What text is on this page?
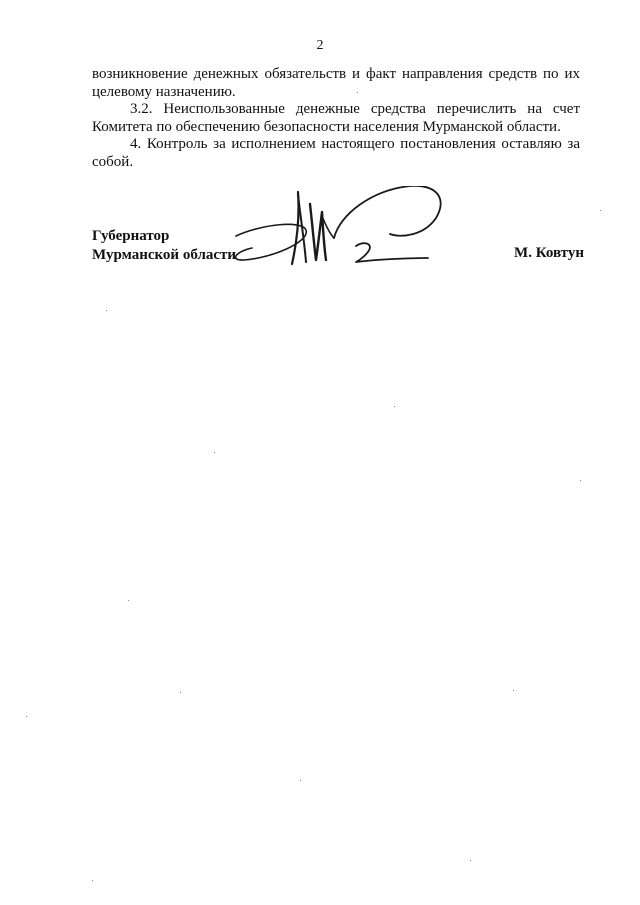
2

возникновение денежных обязательств и факт направления средств по их целевому назначению.

3.2. Неиспользованные денежные средства перечислить на счет Комитета по обеспечению безопасности населения Мурманской области.

4. Контроль за исполнением настоящего постановления оставляю за собой.

Губернатор
Мурманской области	М. Ковтун
